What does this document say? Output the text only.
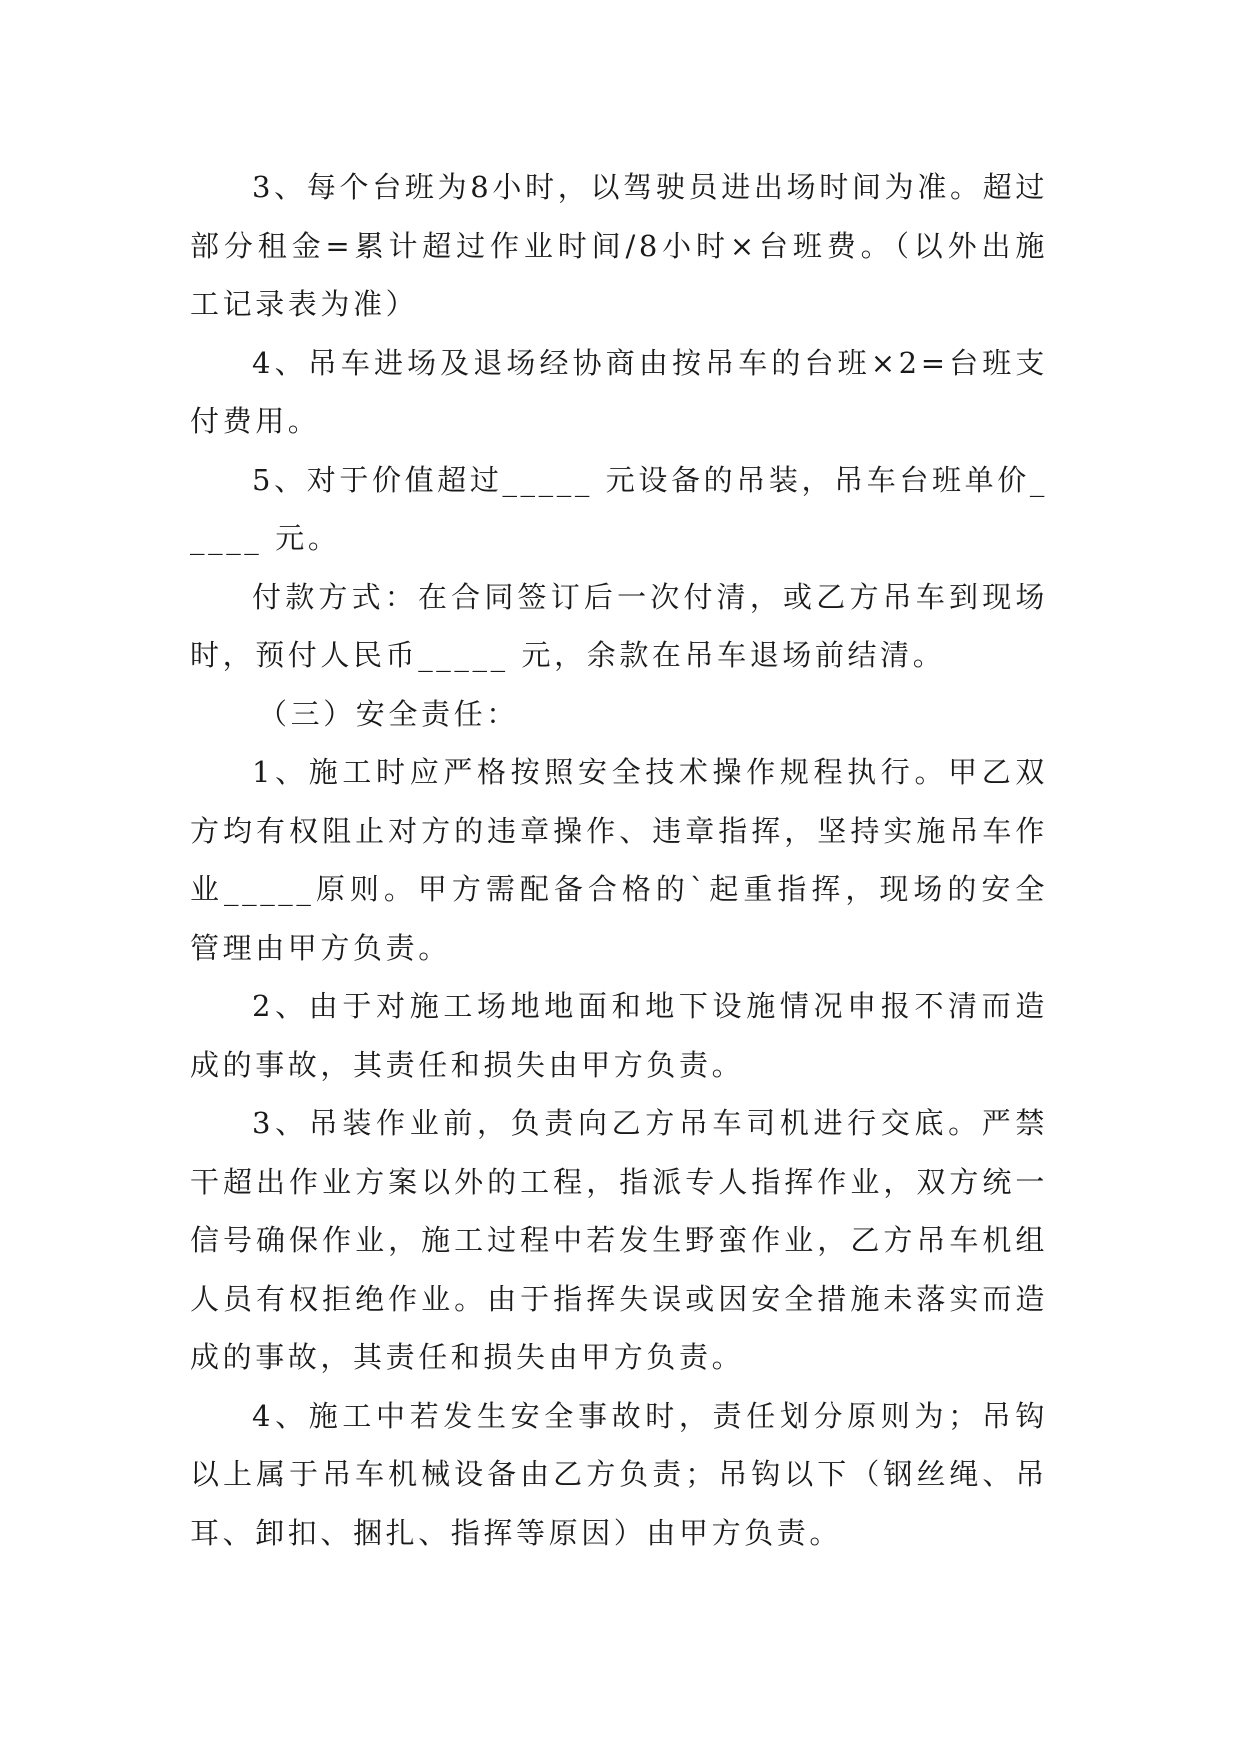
3、每个台班为8小时，以驾驶员进出场时间为准。超过部分租金=累计超过作业时间/8小时×台班费。（以外出施工记录表为准）

4、吊车进场及退场经协商由按吊车的台班×2=台班支付费用。

5、对于价值超过_____ 元设备的吊装，吊车台班单价_____ 元。

付款方式：在合同签订后一次付清，或乙方吊车到现场时，预付人民币_____ 元，余款在吊车退场前结清。

（三）安全责任：

1、施工时应严格按照安全技术操作规程执行。甲乙双方均有权阻止对方的违章操作、违章指挥，坚持实施吊车作业_____原则。甲方需配备合格的`起重指挥，现场的安全管理由甲方负责。

2、由于对施工场地地面和地下设施情况申报不清而造成的事故，其责任和损失由甲方负责。

3、吊装作业前，负责向乙方吊车司机进行交底。严禁干超出作业方案以外的工程，指派专人指挥作业，双方统一信号确保作业，施工过程中若发生野蛮作业，乙方吊车机组人员有权拒绝作业。由于指挥失误或因安全措施未落实而造成的事故，其责任和损失由甲方负责。

4、施工中若发生安全事故时，责任划分原则为；吊钩以上属于吊车机械设备由乙方负责；吊钩以下（钢丝绳、吊耳、卸扣、捆扎、指挥等原因）由甲方负责。
